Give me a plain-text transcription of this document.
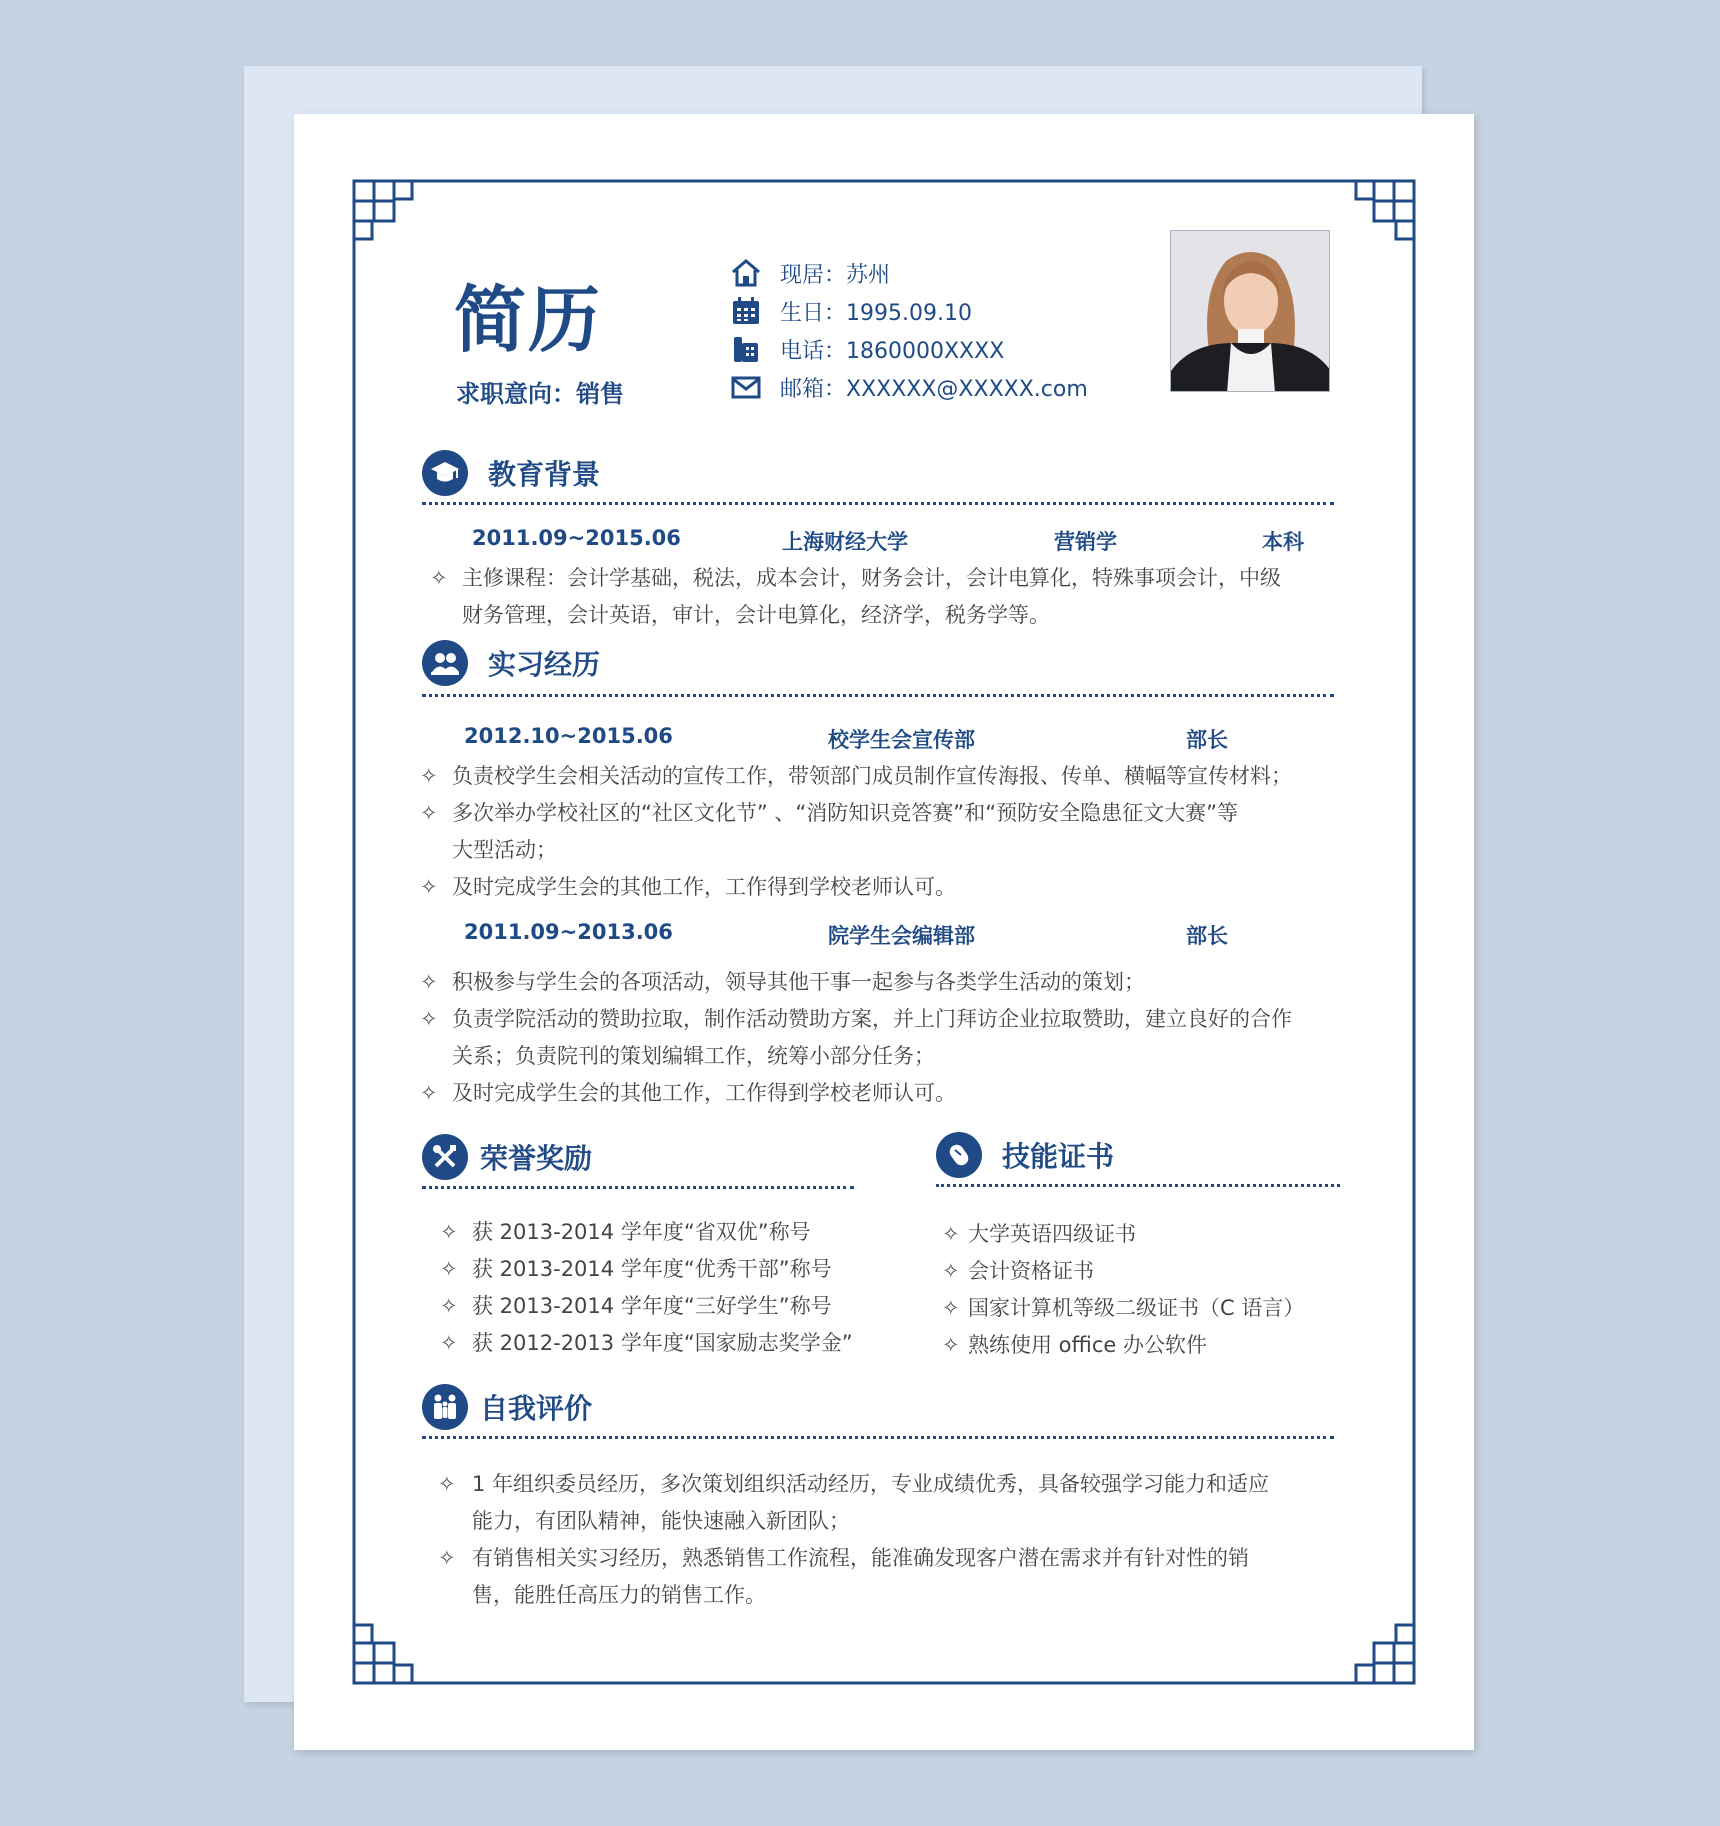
简历
求职意向：销售
现居：苏州
生日：1995.09.10
电话：1860000XXXX
邮箱：XXXXXX@XXXXX.com
教育背景
2011.09~2015.06	上海财经大学	营销学	本科
✧ 主修课程：会计学基础，税法，成本会计，财务会计，会计电算化，特殊事项会计，中级
财务管理，会计英语，审计，会计电算化，经济学，税务学等。
实习经历
2012.10~2015.06	校学生会宣传部	部长
✧ 负责校学生会相关活动的宣传工作，带领部门成员制作宣传海报、传单、横幅等宣传材料；
✧ 多次举办学校社区的“社区文化节” 、“消防知识竞答赛”和“预防安全隐患征文大赛”等
大型活动；
✧ 及时完成学生会的其他工作，工作得到学校老师认可。
2011.09~2013.06	院学生会编辑部	部长
✧ 积极参与学生会的各项活动，领导其他干事一起参与各类学生活动的策划；
✧ 负责学院活动的赞助拉取，制作活动赞助方案，并上门拜访企业拉取赞助，建立良好的合作
关系；负责院刊的策划编辑工作，统筹小部分任务；
✧ 及时完成学生会的其他工作，工作得到学校老师认可。
荣誉奖励
✧ 获 2013-2014 学年度“省双优”称号
✧ 获 2013-2014 学年度“优秀干部”称号
✧ 获 2013-2014 学年度“三好学生”称号
✧ 获 2012-2013 学年度“国家励志奖学金”
技能证书
✧ 大学英语四级证书
✧ 会计资格证书
✧ 国家计算机等级二级证书（C 语言）
✧ 熟练使用 office 办公软件
自我评价
✧ 1 年组织委员经历，多次策划组织活动经历，专业成绩优秀，具备较强学习能力和适应
能力，有团队精神，能快速融入新团队；
✧ 有销售相关实习经历，熟悉销售工作流程，能准确发现客户潜在需求并有针对性的销
售，能胜任高压力的销售工作。
